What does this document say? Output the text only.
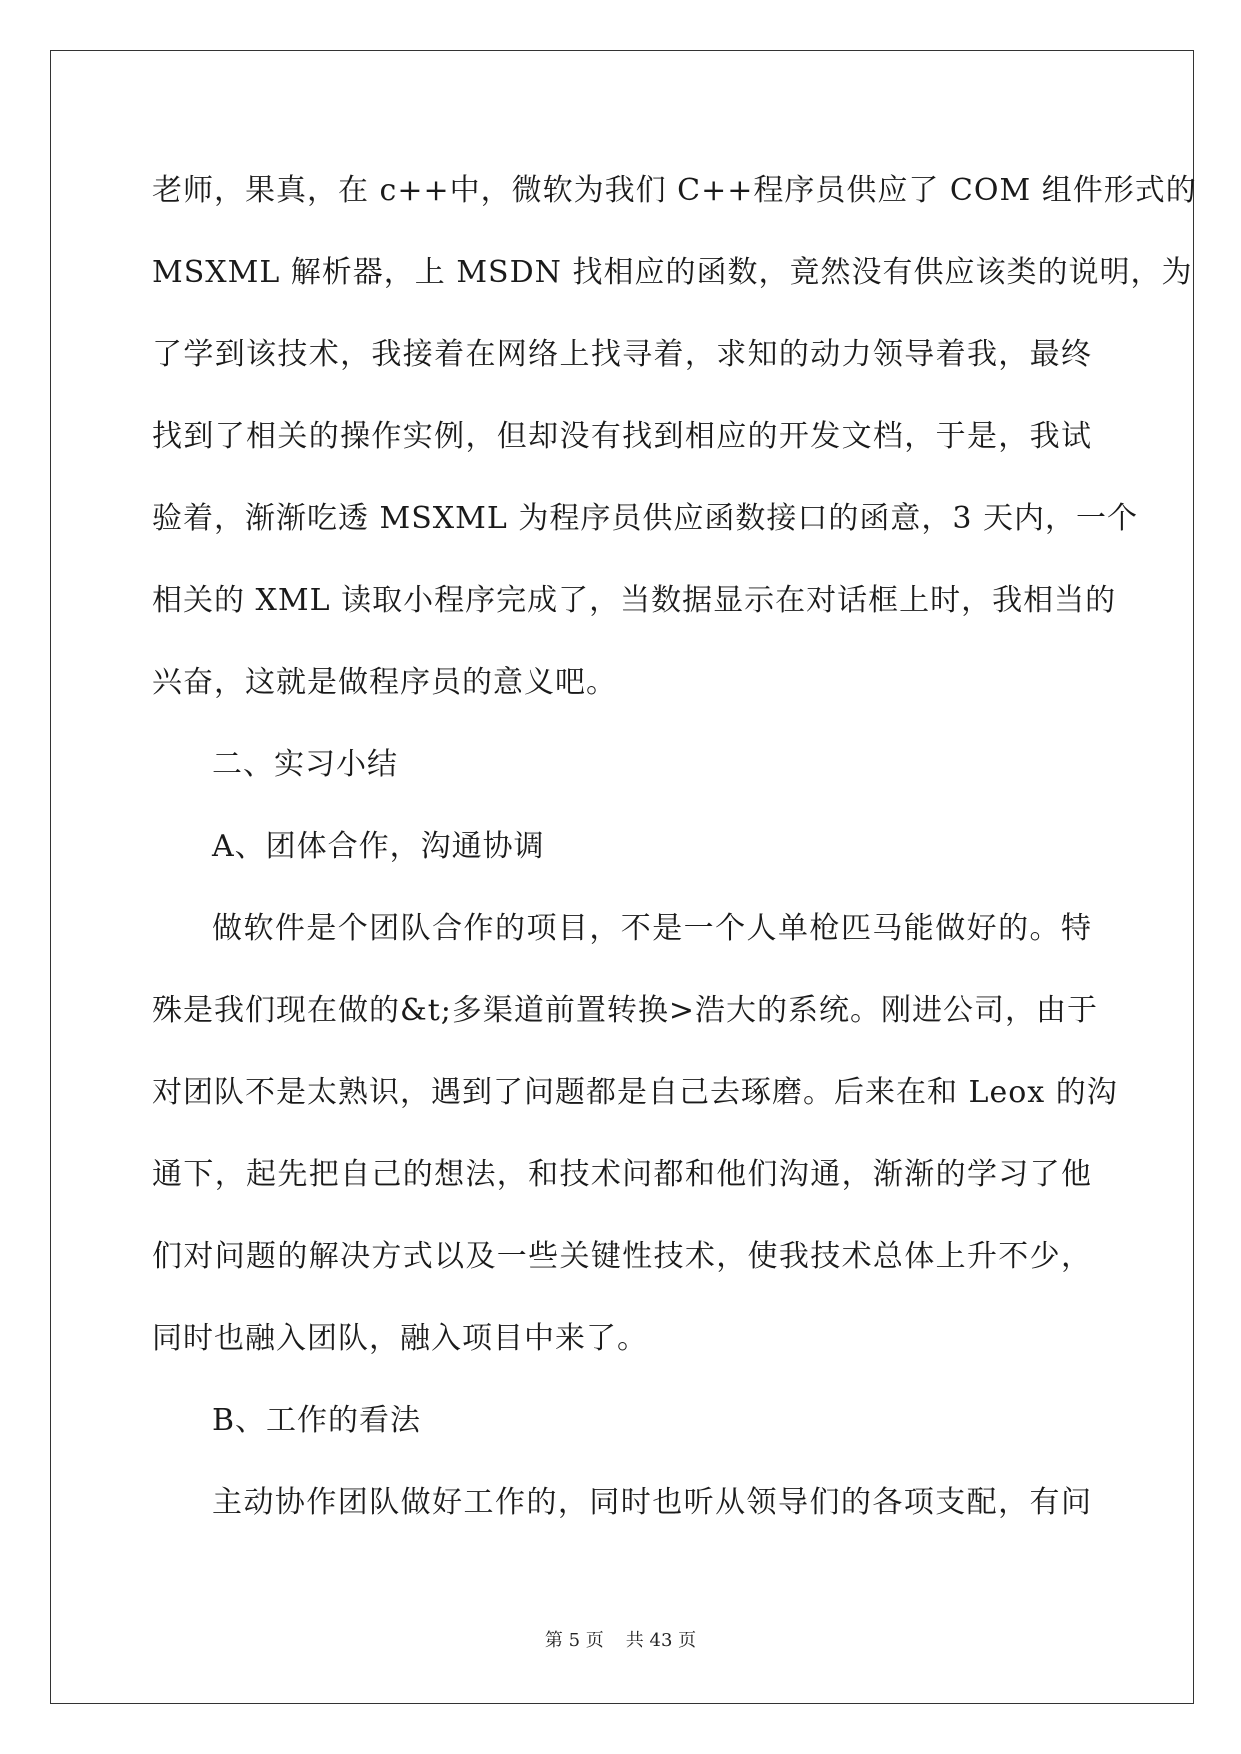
老师，果真，在 c++中，微软为我们 C++程序员供应了 COM 组件形式的
MSXML 解析器，上 MSDN 找相应的函数，竟然没有供应该类的说明，为
了学到该技术，我接着在网络上找寻着，求知的动力领导着我，最终
找到了相关的操作实例，但却没有找到相应的开发文档，于是，我试
验着，渐渐吃透 MSXML 为程序员供应函数接口的函意，3 天内，一个
相关的 XML 读取小程序完成了，当数据显示在对话框上时，我相当的
兴奋，这就是做程序员的意义吧。
二、实习小结
A、团体合作，沟通协调
做软件是个团队合作的项目，不是一个人单枪匹马能做好的。特
殊是我们现在做的&t;多渠道前置转换>浩大的系统。刚进公司，由于
对团队不是太熟识，遇到了问题都是自己去琢磨。后来在和 Leox 的沟
通下，起先把自己的想法，和技术问都和他们沟通，渐渐的学习了他
们对问题的解决方式以及一些关键性技术，使我技术总体上升不少，
同时也融入团队，融入项目中来了。
B、工作的看法
主动协作团队做好工作的，同时也听从领导们的各项支配，有问
第 5 页 共 43 页
